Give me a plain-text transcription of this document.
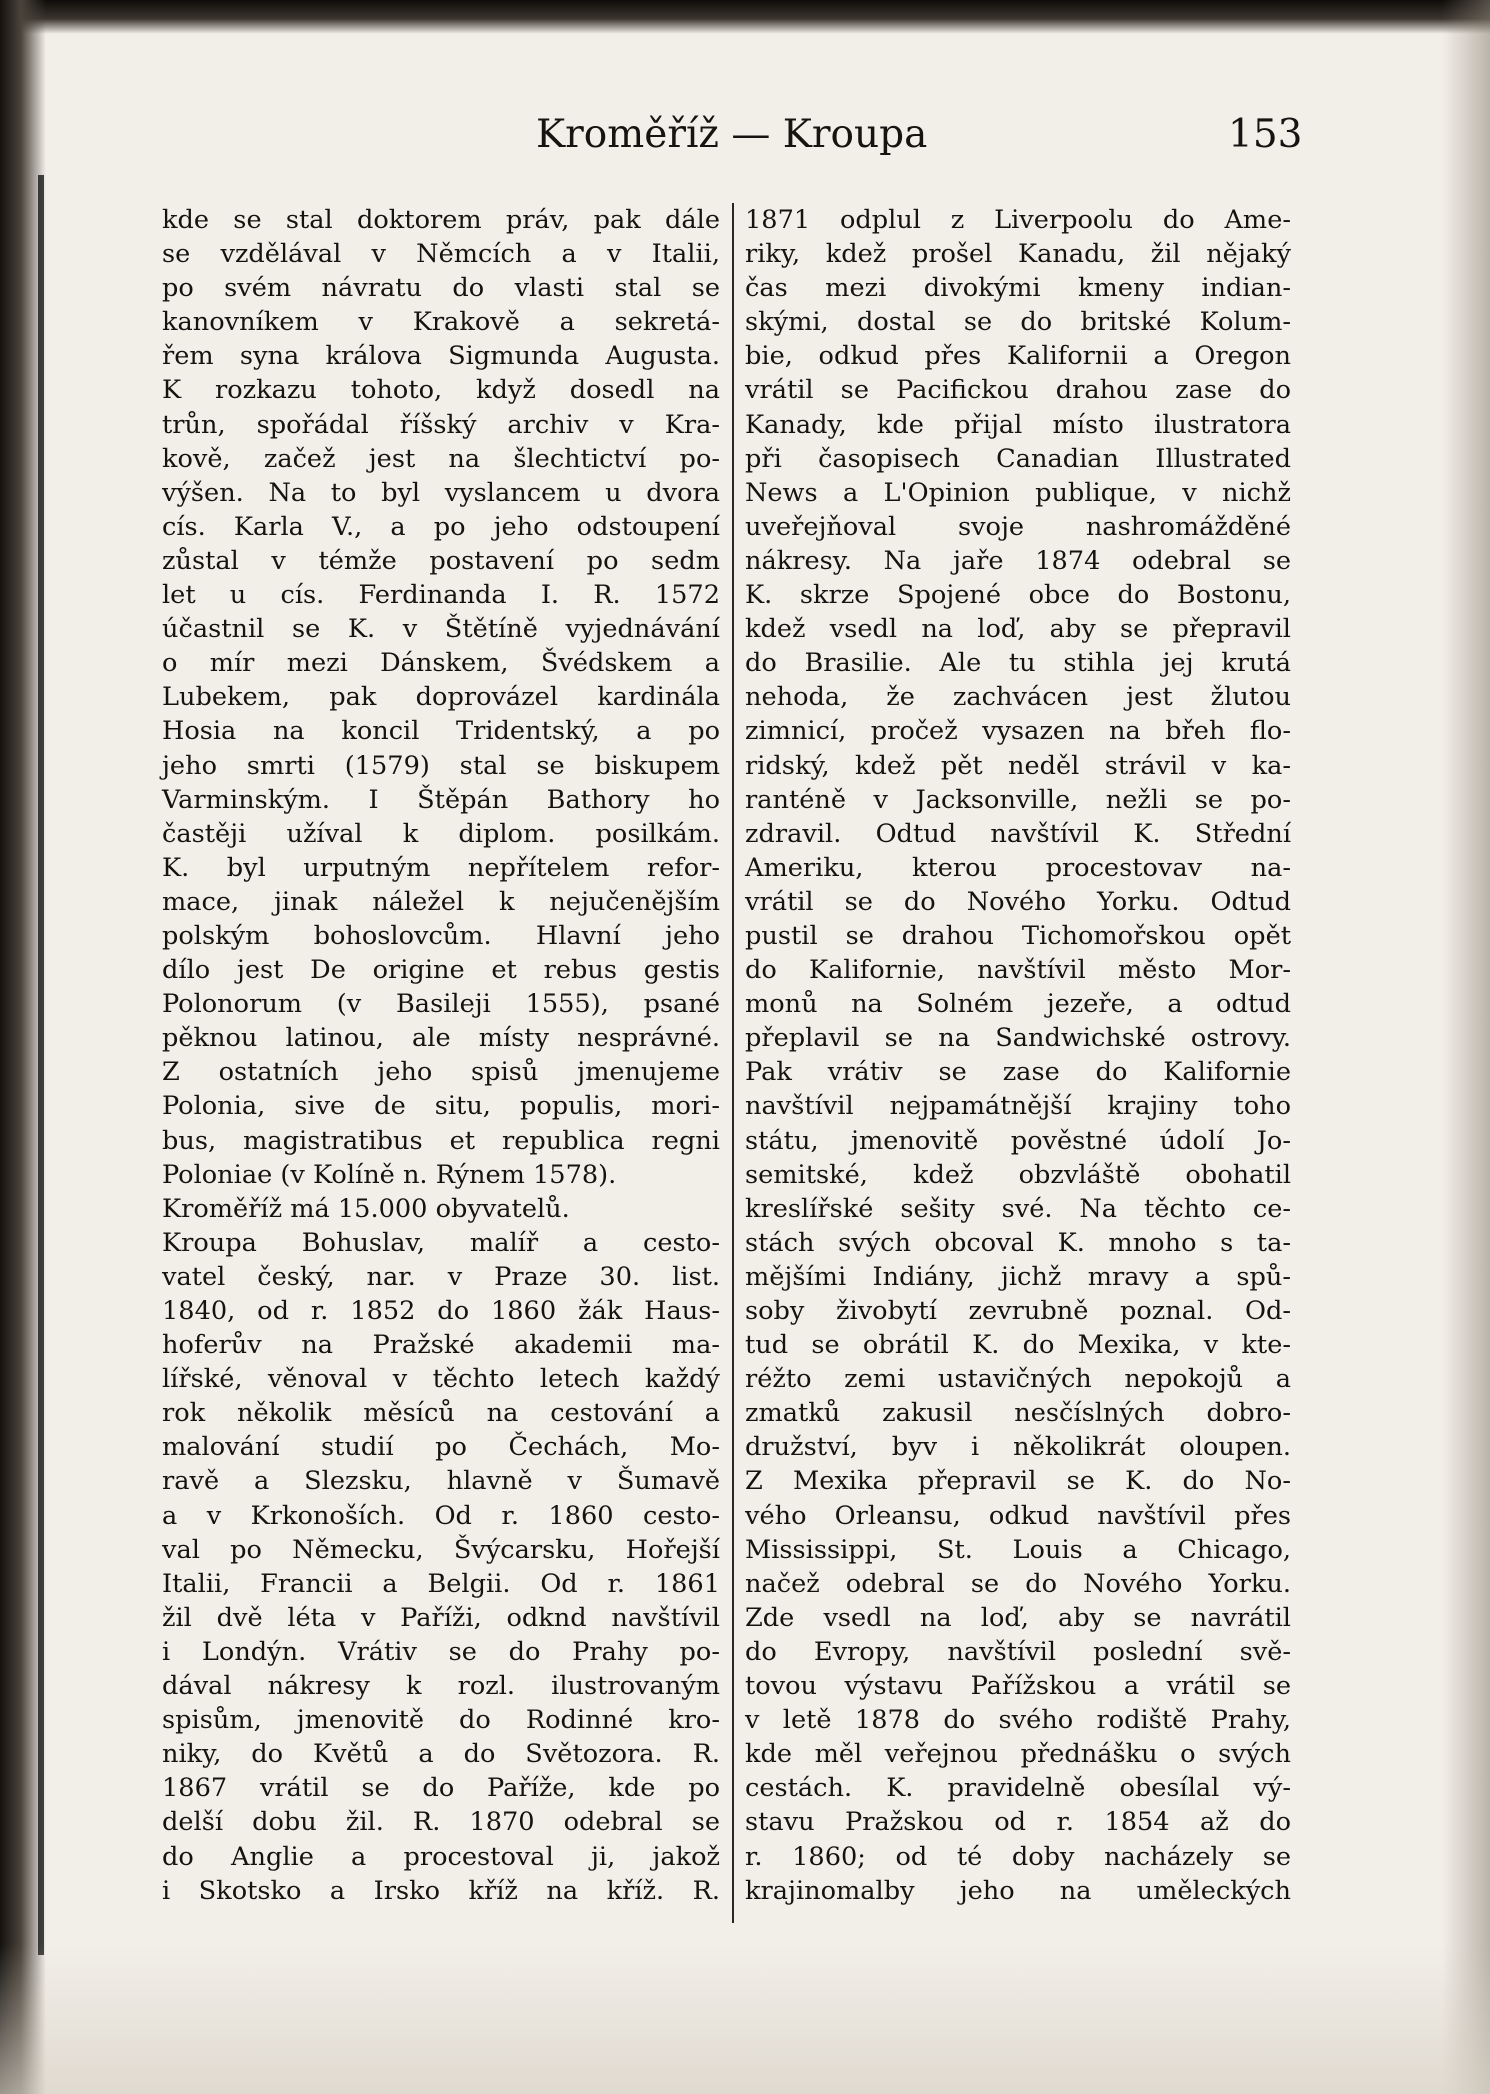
Kroměříž — Kroupa	153
kde se stal doktorem práv, pak dále
se vzdělával v Němcích a v Italii,
po svém návratu do vlasti stal se
kanovníkem v Krakově a sekretá-
řem syna králova Sigmunda Augusta.
K rozkazu tohoto, když dosedl na
trůn, spořádal říšský archiv v Kra-
kově, začež jest na šlechtictví po-
výšen. Na to byl vyslancem u dvora
cís. Karla V., a po jeho odstoupení
zůstal v témže postavení po sedm
let u cís. Ferdinanda I. R. 1572
účastnil se K. v Štětíně vyjednávání
o mír mezi Dánskem, Švédskem a
Lubekem, pak doprovázel kardinála
Hosia na koncil Tridentský, a po
jeho smrti (1579) stal se biskupem
Varminským. I Štěpán Bathory ho
častěji užíval k diplom. posilkám.
K. byl urputným nepřítelem refor-
mace, jinak náležel k nejučenějším
polským bohoslovcům. Hlavní jeho
dílo jest De origine et rebus gestis
Polonorum (v Basileji 1555), psané
pěknou latinou, ale místy nesprávné.
Z ostatních jeho spisů jmenujeme
Polonia, sive de situ, populis, mori-
bus, magistratibus et republica regni
Poloniae (v Kolíně n. Rýnem 1578).
Kroměříž má 15.000 obyvatelů.
Kroupa Bohuslav, malíř a cesto-
vatel český, nar. v Praze 30. list.
1840, od r. 1852 do 1860 žák Haus-
hoferův na Pražské akademii ma-
lířské, věnoval v těchto letech každý
rok několik měsíců na cestování a
malování studií po Čechách, Mo-
ravě a Slezsku, hlavně v Šumavě
a v Krkonoších. Od r. 1860 cesto-
val po Německu, Švýcarsku, Hořejší
Italii, Francii a Belgii. Od r. 1861
žil dvě léta v Paříži, odknd navštívil
i Londýn. Vrátiv se do Prahy po-
dával nákresy k rozl. ilustrovaným
spisům, jmenovitě do Rodinné kro-
niky, do Květů a do Světozora. R.
1867 vrátil se do Paříže, kde po
delší dobu žil. R. 1870 odebral se
do Anglie a procestoval ji, jakož
i Skotsko a Irsko kříž na kříž. R.
1871 odplul z Liverpoolu do Ame-
riky, kdež prošel Kanadu, žil nějaký
čas mezi divokými kmeny indian-
skými, dostal se do britské Kolum-
bie, odkud přes Kalifornii a Oregon
vrátil se Pacifickou drahou zase do
Kanady, kde přijal místo ilustratora
při časopisech Canadian Illustrated
News a L'Opinion publique, v nichž
uveřejňoval svoje nashromážděné
nákresy. Na jaře 1874 odebral se
K. skrze Spojené obce do Bostonu,
kdež vsedl na loď, aby se přepravil
do Brasilie. Ale tu stihla jej krutá
nehoda, že zachvácen jest žlutou
zimnicí, pročež vysazen na břeh flo-
ridský, kdež pět neděl strávil v ka-
ranténě v Jacksonville, nežli se po-
zdravil. Odtud navštívil K. Střední
Ameriku, kterou procestovav na-
vrátil se do Nového Yorku. Odtud
pustil se drahou Tichomořskou opět
do Kalifornie, navštívil město Mor-
monů na Solném jezeře, a odtud
přeplavil se na Sandwichské ostrovy.
Pak vrátiv se zase do Kalifornie
navštívil nejpamátnější krajiny toho
státu, jmenovitě pověstné údolí Jo-
semitské, kdež obzvláště obohatil
kreslířské sešity své. Na těchto ce-
stách svých obcoval K. mnoho s ta-
mějšími Indiány, jichž mravy a spů-
soby živobytí zevrubně poznal. Od-
tud se obrátil K. do Mexika, v kte-
réžto zemi ustavičných nepokojů a
zmatků zakusil nesčíslných dobro-
družství, byv i několikrát oloupen.
Z Mexika přepravil se K. do No-
vého Orleansu, odkud navštívil přes
Mississippi, St. Louis a Chicago,
načež odebral se do Nového Yorku.
Zde vsedl na loď, aby se navrátil
do Evropy, navštívil poslední svě-
tovou výstavu Pařížskou a vrátil se
v letě 1878 do svého rodiště Prahy,
kde měl veřejnou přednášku o svých
cestách. K. pravidelně obesílal vý-
stavu Pražskou od r. 1854 až do
r. 1860; od té doby nacházely se
krajinomalby jeho na uměleckých
